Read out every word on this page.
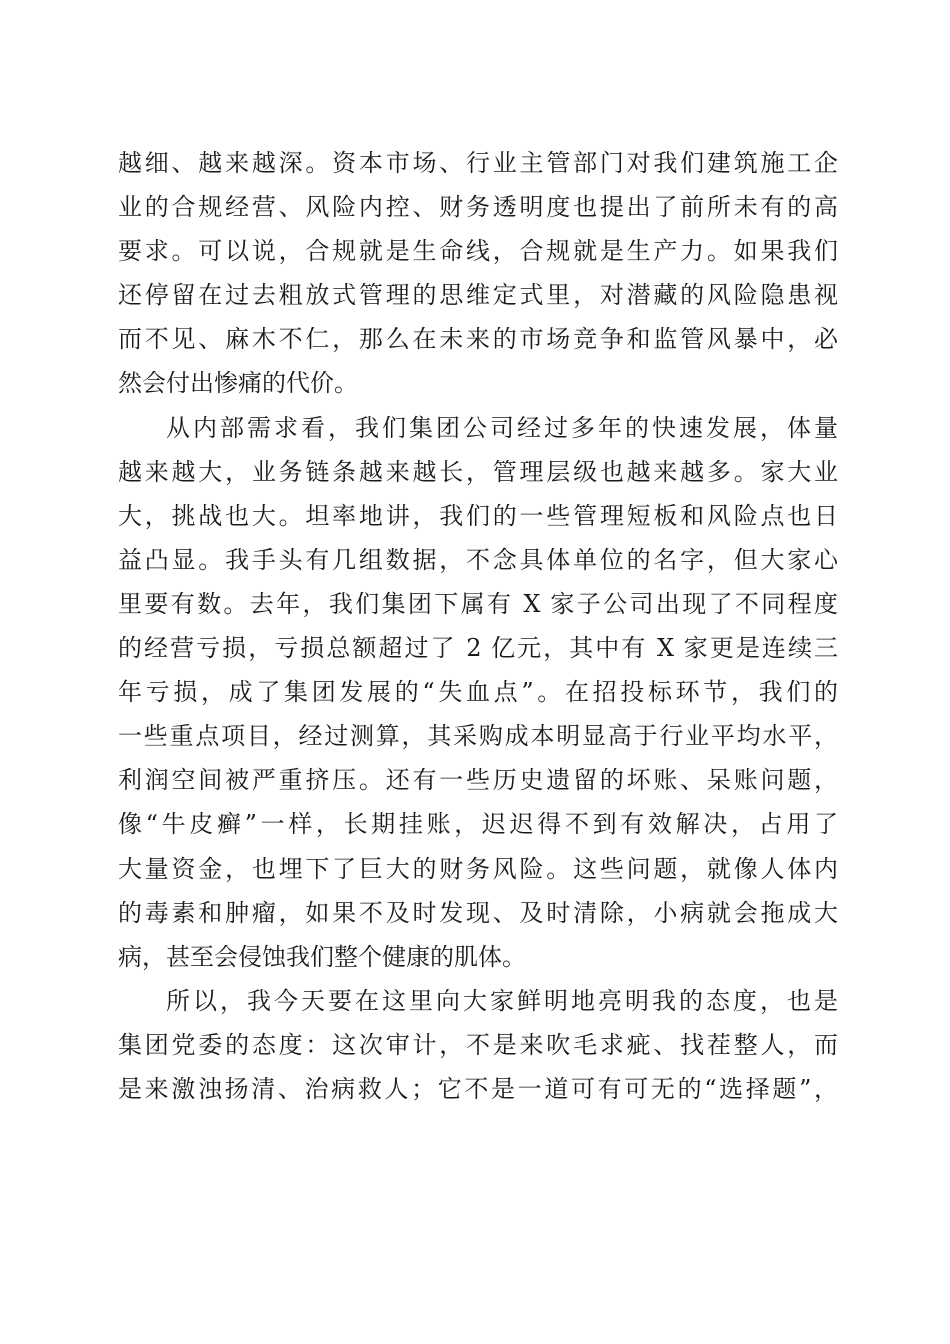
越细、越来越深。资本市场、行业主管部门对我们建筑施工企
业的合规经营、风险内控、财务透明度也提出了前所未有的高
要求。可以说，合规就是生命线，合规就是生产力。如果我们
还停留在过去粗放式管理的思维定式里，对潜藏的风险隐患视
而不见、麻木不仁，那么在未来的市场竞争和监管风暴中，必
然会付出惨痛的代价。
从内部需求看，我们集团公司经过多年的快速发展，体量
越来越大，业务链条越来越长，管理层级也越来越多。家大业
大，挑战也大。坦率地讲，我们的一些管理短板和风险点也日
益凸显。我手头有几组数据，不念具体单位的名字，但大家心
里要有数。去年，我们集团下属有 X 家子公司出现了不同程度
的经营亏损，亏损总额超过了 2 亿元，其中有 X 家更是连续三
年亏损，成了集团发展的“失血点”。在招投标环节，我们的
一些重点项目，经过测算，其采购成本明显高于行业平均水平，
利润空间被严重挤压。还有一些历史遗留的坏账、呆账问题，
像“牛皮癣”一样，长期挂账，迟迟得不到有效解决，占用了
大量资金，也埋下了巨大的财务风险。这些问题，就像人体内
的毒素和肿瘤，如果不及时发现、及时清除，小病就会拖成大
病，甚至会侵蚀我们整个健康的肌体。
所以，我今天要在这里向大家鲜明地亮明我的态度，也是
集团党委的态度：这次审计，不是来吹毛求疵、找茬整人，而
是来激浊扬清、治病救人；它不是一道可有可无的“选择题”，
